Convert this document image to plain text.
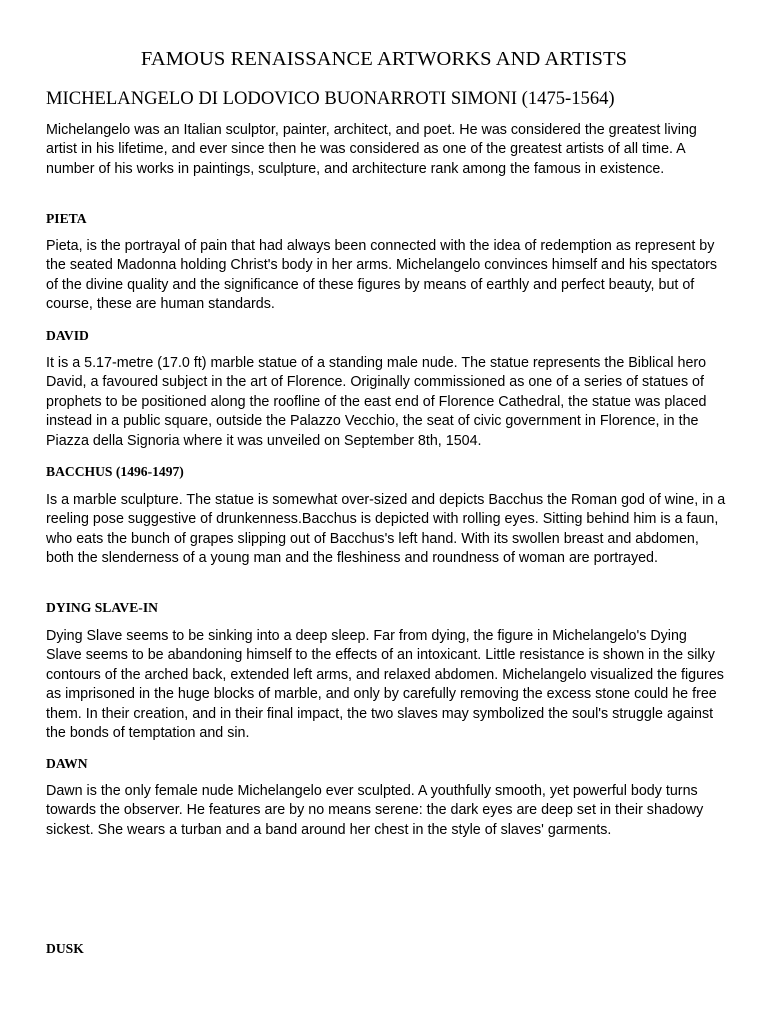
FAMOUS RENAISSANCE ARTWORKS AND ARTISTS
MICHELANGELO DI LODOVICO BUONARROTI SIMONI (1475-1564)

Michelangelo was an Italian sculptor, painter, architect, and poet. He was considered the greatest living artist in his lifetime, and ever since then he was considered as one of the greatest artists of all time. A number of his works in paintings, sculpture, and architecture rank among the famous in existence.

PIETA

Pieta, is the portrayal of pain that had always been connected with the idea of redemption as represent by the seated Madonna holding Christ's body in her arms. Michelangelo convinces himself and his spectators of the divine quality and the significance of these figures by means of earthly and perfect beauty, but of course, these are human standards.

DAVID

It is a 5.17-metre (17.0 ft) marble statue of a standing male nude. The statue represents the Biblical hero David, a favoured subject in the art of Florence. Originally commissioned as one of a series of statues of prophets to be positioned along the roofline of the east end of Florence Cathedral, the statue was placed instead in a public square, outside the Palazzo Vecchio, the seat of civic government in Florence, in the Piazza della Signoria where it was unveiled on September 8th, 1504.

BACCHUS (1496-1497)

Is a marble sculpture. The statue is somewhat over-sized and depicts Bacchus the Roman god of wine, in a reeling pose suggestive of drunkenness.Bacchus is depicted with rolling eyes. Sitting behind him is a faun, who eats the bunch of grapes slipping out of Bacchus's left hand. With its swollen breast and abdomen, both the slenderness of a young man and the fleshiness and roundness of woman are portrayed.

DYING SLAVE-IN

Dying Slave seems to be sinking into a deep sleep. Far from dying, the figure in Michelangelo's Dying Slave seems to be abandoning himself to the effects of an intoxicant. Little resistance is shown in the silky contours of the arched back, extended left arms, and relaxed abdomen. Michelangelo visualized the figures as imprisoned in the huge blocks of marble, and only by carefully removing the excess stone could he free them. In their creation, and in their final impact, the two slaves may symbolized the soul's struggle against the bonds of temptation and sin.

DAWN

Dawn is the only female nude Michelangelo ever sculpted. A youthfully smooth, yet powerful body turns towards the observer. He features are by no means serene: the dark eyes are deep set in their shadowy sickest. She wears a turban and a band around her chest in the style of slaves' garments.

DUSK
